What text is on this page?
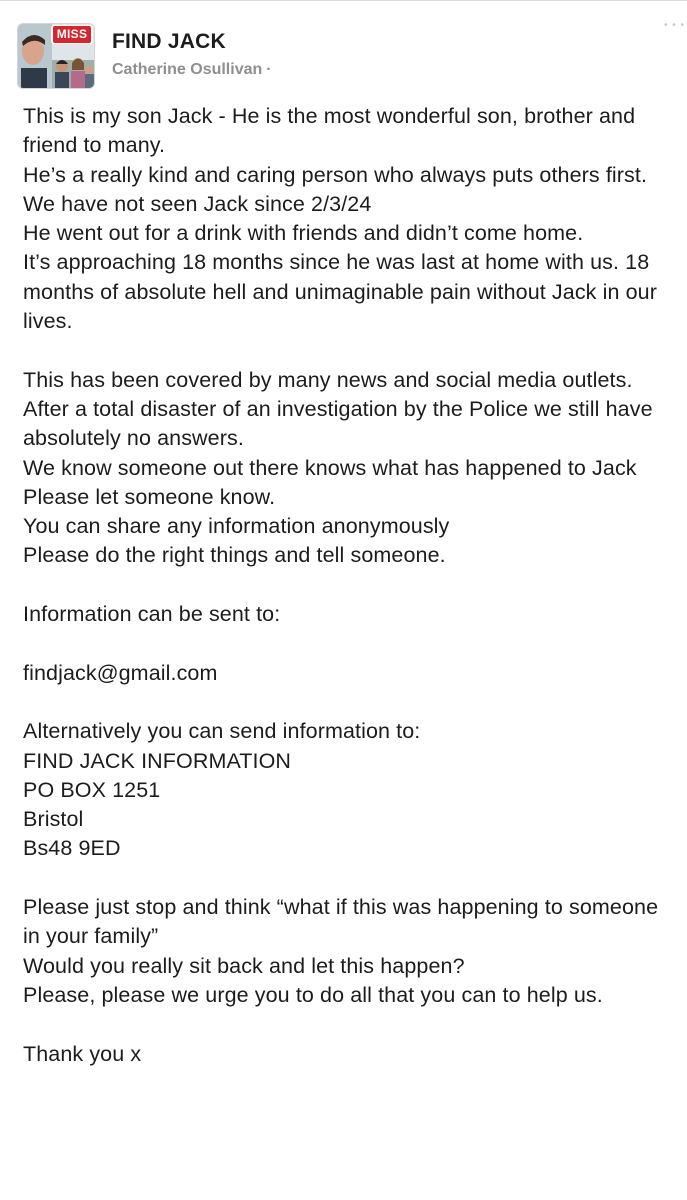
• • •
MISS FIND JACK
Catherine Osullivan ·

This is my son Jack - He is the most wonderful son, brother and friend to many.

He’s a really kind and caring person who always puts others first.

We have not seen Jack since 2/3/24

He went out for a drink with friends and didn’t come home.

It’s approaching 18 months since he was last at home with us. 18 months of absolute hell and unimaginable pain without Jack in our lives.

This has been covered by many news and social media outlets. After a total disaster of an investigation by the Police we still have absolutely no answers.

We know someone out there knows what has happened to Jack

Please let someone know.

You can share any information anonymously

Please do the right things and tell someone.

Information can be sent to:

findjack@gmail.com

Alternatively you can send information to:

FIND JACK INFORMATION

PO BOX 1251

Bristol

Bs48 9ED

Please just stop and think “what if this was happening to someone in your family”

Would you really sit back and let this happen?

Please, please we urge you to do all that you can to help us.

Thank you x
